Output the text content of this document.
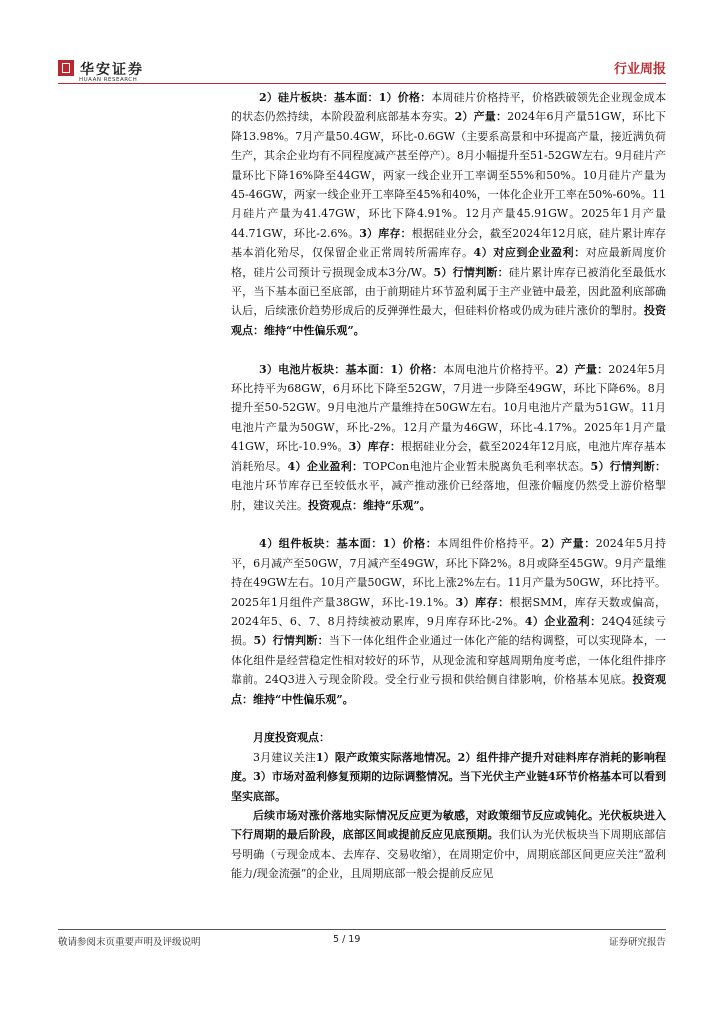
华安证券
HUAAN RESEARCH
行业周报

2）硅片板块：基本面：1）价格：本周硅片价格持平，价格跌破领先企业现金成本的状态仍然持续，本阶段盈利底部基本夯实。2）产量：2024年6月产量51GW，环比下降13.98%。7月产量50.4GW，环比-0.6GW（主要系高景和中环提高产量，接近满负荷生产，其余企业均有不同程度减产甚至停产）。8月小幅提升至51-52GW左右。9月硅片产量环比下降16%降至44GW，两家一线企业开工率调至55%和50%。10月硅片产量为45-46GW，两家一线企业开工率降至45%和40%，一体化企业开工率在50%-60%。11月硅片产量为41.47GW，环比下降4.91%。12月产量45.91GW。2025年1月产量44.71GW，环比-2.6%。3）库存：根据硅业分会，截至2024年12月底，硅片累计库存基本消化殆尽，仅保留企业正常周转所需库存。4）对应到企业盈利：对应最新周度价格，硅片公司预计亏损现金成本3分/W。5）行情判断：硅片累计库存已被消化至最低水平，当下基本面已至底部，由于前期硅片环节盈利属于主产业链中最差，因此盈利底部确认后，后续涨价趋势形成后的反弹弹性最大，但硅料价格或仍成为硅片涨价的掣肘。投资观点：维持“中性偏乐观”。

3）电池片板块：基本面：1）价格：本周电池片价格持平。2）产量：2024年5月环比持平为68GW，6月环比下降至52GW，7月进一步降至49GW，环比下降6%。8月提升至50-52GW。9月电池片产量维持在50GW左右。10月电池片产量为51GW。11月电池片产量为50GW，环比-2%。12月产量为46GW，环比-4.17%。2025年1月产量41GW，环比-10.9%。3）库存：根据硅业分会，截至2024年12月底，电池片库存基本消耗殆尽。4）企业盈利：TOPCon电池片企业暂未脱离负毛利率状态。5）行情判断：电池片环节库存已至较低水平，减产推动涨价已经落地，但涨价幅度仍然受上游价格掣肘，建议关注。投资观点：维持“乐观”。

4）组件板块：基本面：1）价格：本周组件价格持平。2）产量：2024年5月持平，6月减产至50GW，7月减产至49GW，环比下降2%。8月或降至45GW。9月产量维持在49GW左右。10月产量50GW，环比上涨2%左右。11月产量为50GW，环比持平。2025年1月组件产量38GW，环比-19.1%。3）库存：根据SMM，库存天数或偏高，2024年5、6、7、8月持续被动累库，9月库存环比-2%。4）企业盈利：24Q4延续亏损。5）行情判断：当下一体化组件企业通过一体化产能的结构调整，可以实现降本，一体化组件是经营稳定性相对较好的环节，从现金流和穿越周期角度考虑，一体化组件排序靠前。24Q3进入亏现金阶段。受全行业亏损和供给侧自律影响，价格基本见底。投资观点：维持“中性偏乐观”。

月度投资观点：

3月建议关注1）限产政策实际落地情况。2）组件排产提升对硅料库存消耗的影响程度。3）市场对盈利修复预期的边际调整情况。当下光伏主产业链4环节价格基本可以看到坚实底部。

后续市场对涨价落地实际情况反应更为敏感，对政策细节反应或钝化。光伏板块进入下行周期的最后阶段，底部区间或提前反应见底预期。我们认为光伏板块当下周期底部信号明确（亏现金成本、去库存、交易收缩），在周期定价中，周期底部区间更应关注“盈利能力/现金流强”的企业，且周期底部一般会提前反应见

敬请参阅末页重要声明及评级说明	5 / 19	证券研究报告
